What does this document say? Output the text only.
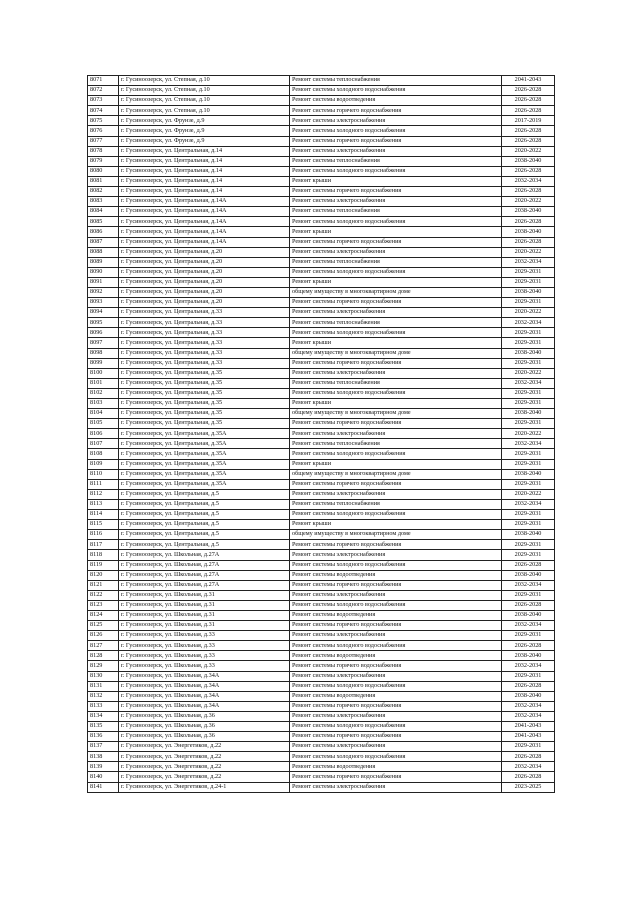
8071	г. Гусиноозерск, ул. Степная, д.10	Ремонт системы теплоснабжения	2041-2043
8072	г. Гусиноозерск, ул. Степная, д.10	Ремонт системы холодного водоснабжения	2026-2028
8073	г. Гусиноозерск, ул. Степная, д.10	Ремонт системы водоотведения	2026-2028
8074	г. Гусиноозерск, ул. Степная, д.10	Ремонт системы горячего водоснабжения	2026-2028
8075	г. Гусиноозерск, ул. Фрунзе, д.9	Ремонт системы электроснабжения	2017-2019
8076	г. Гусиноозерск, ул. Фрунзе, д.9	Ремонт системы холодного водоснабжения	2026-2028
8077	г. Гусиноозерск, ул. Фрунзе, д.9	Ремонт системы горячего водоснабжения	2026-2028
8078	г. Гусиноозерск, ул. Центральная, д.14	Ремонт системы электроснабжения	2020-2022
8079	г. Гусиноозерск, ул. Центральная, д.14	Ремонт системы теплоснабжения	2038-2040
8080	г. Гусиноозерск, ул. Центральная, д.14	Ремонт системы холодного водоснабжения	2026-2028
8081	г. Гусиноозерск, ул. Центральная, д.14	Ремонт крыши	2032-2034
8082	г. Гусиноозерск, ул. Центральная, д.14	Ремонт системы горячего водоснабжения	2026-2028
8083	г. Гусиноозерск, ул. Центральная, д.14А	Ремонт системы электроснабжения	2020-2022
8084	г. Гусиноозерск, ул. Центральная, д.14А	Ремонт системы теплоснабжения	2038-2040
8085	г. Гусиноозерск, ул. Центральная, д.14А	Ремонт системы холодного водоснабжения	2026-2028
8086	г. Гусиноозерск, ул. Центральная, д.14А	Ремонт крыши	2038-2040
8087	г. Гусиноозерск, ул. Центральная, д.14А	Ремонт системы горячего водоснабжения	2026-2028
8088	г. Гусиноозерск, ул. Центральная, д.20	Ремонт системы электроснабжения	2020-2022
8089	г. Гусиноозерск, ул. Центральная, д.20	Ремонт системы теплоснабжения	2032-2034
8090	г. Гусиноозерск, ул. Центральная, д.20	Ремонт системы холодного водоснабжения	2029-2031
8091	г. Гусиноозерск, ул. Центральная, д.20	Ремонт крыши	2029-2031
8092	г. Гусиноозерск, ул. Центральная, д.20	общему имуществу в многоквартирном доме	2038-2040
8093	г. Гусиноозерск, ул. Центральная, д.20	Ремонт системы горячего водоснабжения	2029-2031
8094	г. Гусиноозерск, ул. Центральная, д.33	Ремонт системы электроснабжения	2020-2022
8095	г. Гусиноозерск, ул. Центральная, д.33	Ремонт системы теплоснабжения	2032-2034
8096	г. Гусиноозерск, ул. Центральная, д.33	Ремонт системы холодного водоснабжения	2029-2031
8097	г. Гусиноозерск, ул. Центральная, д.33	Ремонт крыши	2029-2031
8098	г. Гусиноозерск, ул. Центральная, д.33	общему имуществу в многоквартирном доме	2038-2040
8099	г. Гусиноозерск, ул. Центральная, д.33	Ремонт системы горячего водоснабжения	2029-2031
8100	г. Гусиноозерск, ул. Центральная, д.35	Ремонт системы электроснабжения	2020-2022
8101	г. Гусиноозерск, ул. Центральная, д.35	Ремонт системы теплоснабжения	2032-2034
8102	г. Гусиноозерск, ул. Центральная, д.35	Ремонт системы холодного водоснабжения	2029-2031
8103	г. Гусиноозерск, ул. Центральная, д.35	Ремонт крыши	2029-2031
8104	г. Гусиноозерск, ул. Центральная, д.35	общему имуществу в многоквартирном доме	2038-2040
8105	г. Гусиноозерск, ул. Центральная, д.35	Ремонт системы горячего водоснабжения	2029-2031
8106	г. Гусиноозерск, ул. Центральная, д.35А	Ремонт системы электроснабжения	2020-2022
8107	г. Гусиноозерск, ул. Центральная, д.35А	Ремонт системы теплоснабжения	2032-2034
8108	г. Гусиноозерск, ул. Центральная, д.35А	Ремонт системы холодного водоснабжения	2029-2031
8109	г. Гусиноозерск, ул. Центральная, д.35А	Ремонт крыши	2029-2031
8110	г. Гусиноозерск, ул. Центральная, д.35А	общему имуществу в многоквартирном доме	2038-2040
8111	г. Гусиноозерск, ул. Центральная, д.35А	Ремонт системы горячего водоснабжения	2029-2031
8112	г. Гусиноозерск, ул. Центральная, д.5	Ремонт системы электроснабжения	2020-2022
8113	г. Гусиноозерск, ул. Центральная, д.5	Ремонт системы теплоснабжения	2032-2034
8114	г. Гусиноозерск, ул. Центральная, д.5	Ремонт системы холодного водоснабжения	2029-2031
8115	г. Гусиноозерск, ул. Центральная, д.5	Ремонт крыши	2029-2031
8116	г. Гусиноозерск, ул. Центральная, д.5	общему имуществу в многоквартирном доме	2038-2040
8117	г. Гусиноозерск, ул. Центральная, д.5	Ремонт системы горячего водоснабжения	2029-2031
8118	г. Гусиноозерск, ул. Школьная, д.27А	Ремонт системы электроснабжения	2029-2031
8119	г. Гусиноозерск, ул. Школьная, д.27А	Ремонт системы холодного водоснабжения	2026-2028
8120	г. Гусиноозерск, ул. Школьная, д.27А	Ремонт системы водоотведения	2038-2040
8121	г. Гусиноозерск, ул. Школьная, д.27А	Ремонт системы горячего водоснабжения	2032-2034
8122	г. Гусиноозерск, ул. Школьная, д.31	Ремонт системы электроснабжения	2029-2031
8123	г. Гусиноозерск, ул. Школьная, д.31	Ремонт системы холодного водоснабжения	2026-2028
8124	г. Гусиноозерск, ул. Школьная, д.31	Ремонт системы водоотведения	2038-2040
8125	г. Гусиноозерск, ул. Школьная, д.31	Ремонт системы горячего водоснабжения	2032-2034
8126	г. Гусиноозерск, ул. Школьная, д.33	Ремонт системы электроснабжения	2029-2031
8127	г. Гусиноозерск, ул. Школьная, д.33	Ремонт системы холодного водоснабжения	2026-2028
8128	г. Гусиноозерск, ул. Школьная, д.33	Ремонт системы водоотведения	2038-2040
8129	г. Гусиноозерск, ул. Школьная, д.33	Ремонт системы горячего водоснабжения	2032-2034
8130	г. Гусиноозерск, ул. Школьная, д.34А	Ремонт системы электроснабжения	2029-2031
8131	г. Гусиноозерск, ул. Школьная, д.34А	Ремонт системы холодного водоснабжения	2026-2028
8132	г. Гусиноозерск, ул. Школьная, д.34А	Ремонт системы водоотведения	2038-2040
8133	г. Гусиноозерск, ул. Школьная, д.34А	Ремонт системы горячего водоснабжения	2032-2034
8134	г. Гусиноозерск, ул. Школьная, д.36	Ремонт системы электроснабжения	2032-2034
8135	г. Гусиноозерск, ул. Школьная, д.36	Ремонт системы холодного водоснабжения	2041-2043
8136	г. Гусиноозерск, ул. Школьная, д.36	Ремонт системы горячего водоснабжения	2041-2043
8137	г. Гусиноозерск, ул. Энергетиков, д.22	Ремонт системы электроснабжения	2029-2031
8138	г. Гусиноозерск, ул. Энергетиков, д.22	Ремонт системы холодного водоснабжения	2026-2028
8139	г. Гусиноозерск, ул. Энергетиков, д.22	Ремонт системы водоотведения	2032-2034
8140	г. Гусиноозерск, ул. Энергетиков, д.22	Ремонт системы горячего водоснабжения	2026-2028
8141	г. Гусиноозерск, ул. Энергетиков, д.24-1	Ремонт системы электроснабжения	2023-2025
